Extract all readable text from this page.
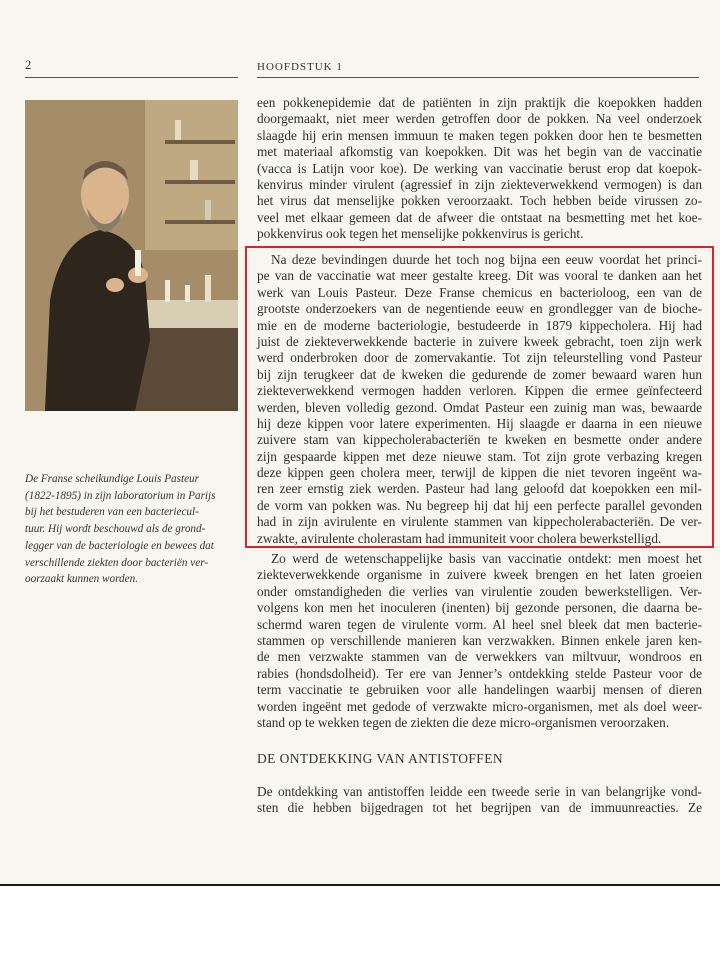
2	HOOFDSTUK 1
De Franse scheikundige Louis Pasteur
(1822-1895) in zijn laboratorium in Parijs
bij het bestuderen van een bacteriecul-
tuur. Hij wordt beschouwd als de grond-
legger van de bacteriologie en bewees dat
verschillende ziekten door bacteriën ver-
oorzaakt kunnen worden.
een pokkenepidemie dat de patiënten in zijn praktijk die koepokken hadden
doorgemaakt, niet meer werden getroffen door de pokken. Na veel onderzoek
slaagde hij erin mensen immuun te maken tegen pokken door hen te besmetten
met materiaal afkomstig van koepokken. Dit was het begin van de vaccinatie
(vacca is Latijn voor koe). De werking van vaccinatie berust erop dat koepok-
kenvirus minder virulent (agressief in zijn ziekteverwekkend vermogen) is dan
het virus dat menselijke pokken veroorzaakt. Toch hebben beide virussen zo-
veel met elkaar gemeen dat de afweer die ontstaat na besmetting met het koe-
pokkenvirus ook tegen het menselijke pokkenvirus is gericht.
Na deze bevindingen duurde het toch nog bijna een eeuw voordat het princi-
pe van de vaccinatie wat meer gestalte kreeg. Dit was vooral te danken aan het
werk van Louis Pasteur. Deze Franse chemicus en bacterioloog, een van de
grootste onderzoekers van de negentiende eeuw en grondlegger van de bioche-
mie en de moderne bacteriologie, bestudeerde in 1879 kippecholera. Hij had
juist de ziekteverwekkende bacterie in zuivere kweek gebracht, toen zijn werk
werd onderbroken door de zomervakantie. Tot zijn teleurstelling vond Pasteur
bij zijn terugkeer dat de kweken die gedurende de zomer bewaard waren hun
ziekteverwekkend vermogen hadden verloren. Kippen die ermee geïnfecteerd
werden, bleven volledig gezond. Omdat Pasteur een zuinig man was, bewaarde
hij deze kippen voor latere experimenten. Hij slaagde er daarna in een nieuwe
zuivere stam van kippecholerabacteriën te kweken en besmette onder andere
zijn gespaarde kippen met deze nieuwe stam. Tot zijn grote verbazing kregen
deze kippen geen cholera meer, terwijl de kippen die niet tevoren ingeënt wa-
ren zeer ernstig ziek werden. Pasteur had lang geloofd dat koepokken een mil-
de vorm van pokken was. Nu begreep hij dat hij een perfecte parallel gevonden
had in zijn avirulente en virulente stammen van kippecholerabacteriën. De ver-
zwakte, avirulente cholerastam had immuniteit voor cholera bewerkstelligd.
Zo werd de wetenschappelijke basis van vaccinatie ontdekt: men moest het
ziekteverwekkende organisme in zuivere kweek brengen en het laten groeien
onder omstandigheden die verlies van virulentie zouden bewerkstelligen. Ver-
volgens kon men het inoculeren (inenten) bij gezonde personen, die daarna be-
schermd waren tegen de virulente vorm. Al heel snel bleek dat men bacterie-
stammen op verschillende manieren kan verzwakken. Binnen enkele jaren ken-
de men verzwakte stammen van de verwekkers van miltvuur, wondroos en
rabies (hondsdolheid). Ter ere van Jenner’s ontdekking stelde Pasteur voor de
term vaccinatie te gebruiken voor alle handelingen waarbij mensen of dieren
worden ingeënt met gedode of verzwakte micro-organismen, met als doel weer-
stand op te wekken tegen de ziekten die deze micro-organismen veroorzaken.
DE ONTDEKKING VAN ANTISTOFFEN
De ontdekking van antistoffen leidde een tweede serie in van belangrijke vond-
sten die hebben bijgedragen tot het begrijpen van de immuunreacties. Ze
